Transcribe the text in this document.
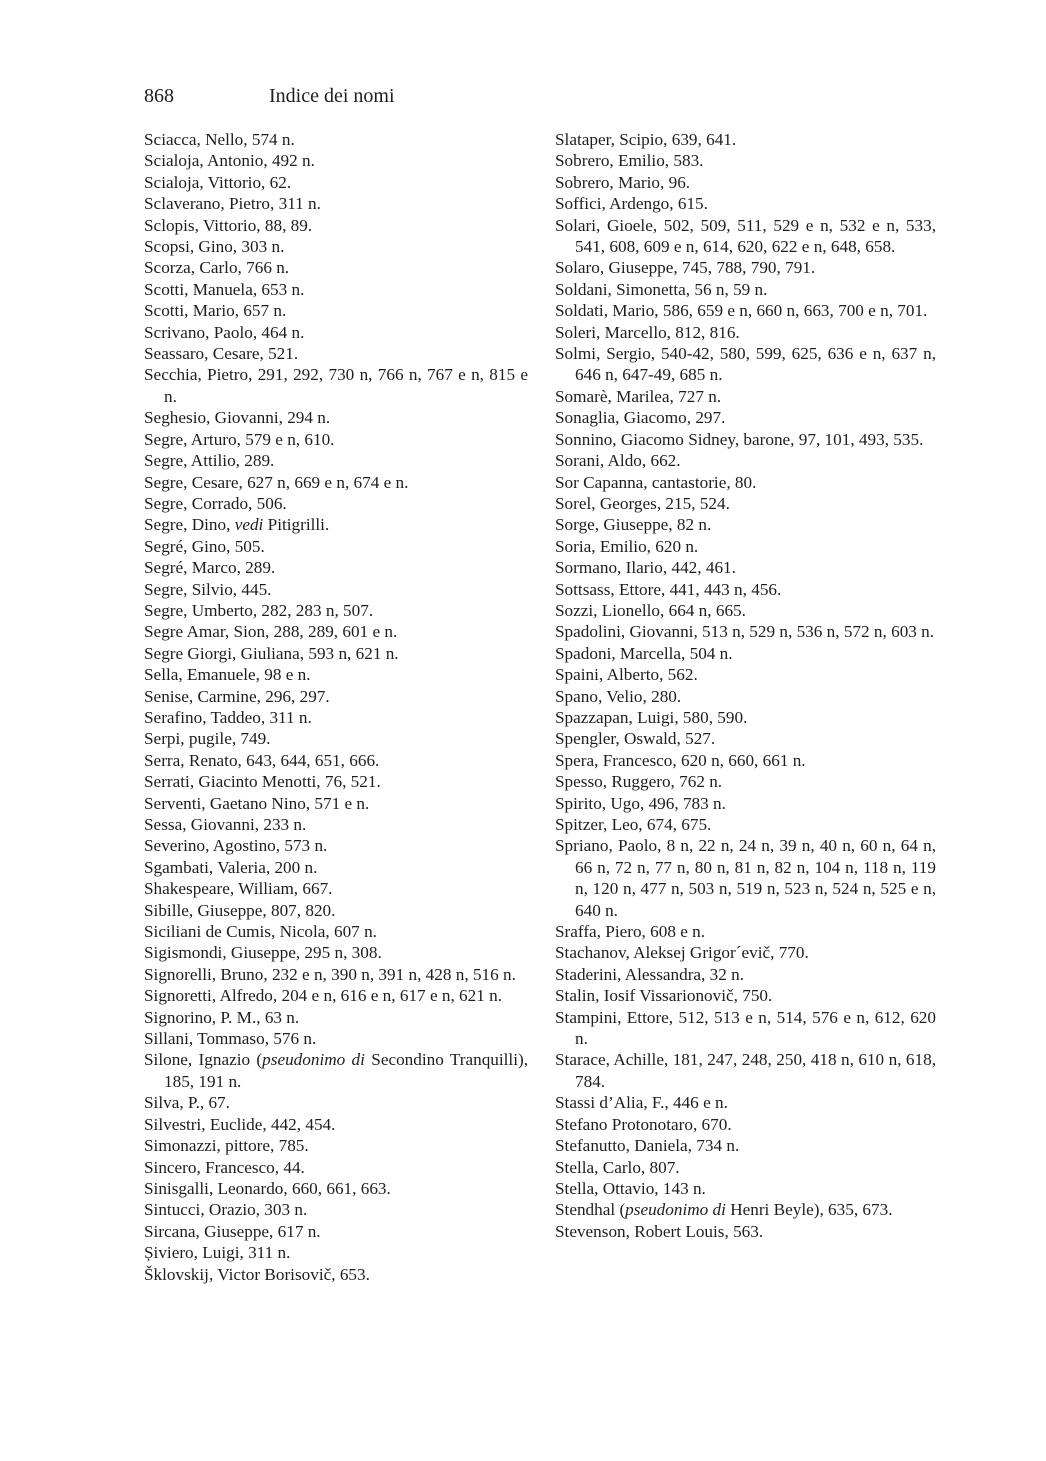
868	Indice dei nomi
Sciacca, Nello, 574 n.
Scialoja, Antonio, 492 n.
Scialoja, Vittorio, 62.
Sclaverano, Pietro, 311 n.
Sclopis, Vittorio, 88, 89.
Scopsi, Gino, 303 n.
Scorza, Carlo, 766 n.
Scotti, Manuela, 653 n.
Scotti, Mario, 657 n.
Scrivano, Paolo, 464 n.
Seassaro, Cesare, 521.
Secchia, Pietro, 291, 292, 730 n, 766 n, 767 e n, 815 e n.
Seghesio, Giovanni, 294 n.
Segre, Arturo, 579 e n, 610.
Segre, Attilio, 289.
Segre, Cesare, 627 n, 669 e n, 674 e n.
Segre, Corrado, 506.
Segre, Dino, vedi Pitigrilli.
Segré, Gino, 505.
Segré, Marco, 289.
Segre, Silvio, 445.
Segre, Umberto, 282, 283 n, 507.
Segre Amar, Sion, 288, 289, 601 e n.
Segre Giorgi, Giuliana, 593 n, 621 n.
Sella, Emanuele, 98 e n.
Senise, Carmine, 296, 297.
Serafino, Taddeo, 311 n.
Serpi, pugile, 749.
Serra, Renato, 643, 644, 651, 666.
Serrati, Giacinto Menotti, 76, 521.
Serventi, Gaetano Nino, 571 e n.
Sessa, Giovanni, 233 n.
Severino, Agostino, 573 n.
Sgambati, Valeria, 200 n.
Shakespeare, William, 667.
Sibille, Giuseppe, 807, 820.
Siciliani de Cumis, Nicola, 607 n.
Sigismondi, Giuseppe, 295 n, 308.
Signorelli, Bruno, 232 e n, 390 n, 391 n, 428 n, 516 n.
Signoretti, Alfredo, 204 e n, 616 e n, 617 e n, 621 n.
Signorino, P. M., 63 n.
Sillani, Tommaso, 576 n.
Silone, Ignazio (pseudonimo di Secondino Tranquilli), 185, 191 n.
Silva, P., 67.
Silvestri, Euclide, 442, 454.
Simonazzi, pittore, 785.
Sincero, Francesco, 44.
Sinisgalli, Leonardo, 660, 661, 663.
Sintucci, Orazio, 303 n.
Sircana, Giuseppe, 617 n.
Șiviero, Luigi, 311 n.
Šklovskij, Victor Borisovič, 653.
Slataper, Scipio, 639, 641.
Sobrero, Emilio, 583.
Sobrero, Mario, 96.
Soffici, Ardengo, 615.
Solari, Gioele, 502, 509, 511, 529 e n, 532 e n, 533, 541, 608, 609 e n, 614, 620, 622 e n, 648, 658.
Solaro, Giuseppe, 745, 788, 790, 791.
Soldani, Simonetta, 56 n, 59 n.
Soldati, Mario, 586, 659 e n, 660 n, 663, 700 e n, 701.
Soleri, Marcello, 812, 816.
Solmi, Sergio, 540-42, 580, 599, 625, 636 e n, 637 n, 646 n, 647-49, 685 n.
Somarè, Marilea, 727 n.
Sonaglia, Giacomo, 297.
Sonnino, Giacomo Sidney, barone, 97, 101, 493, 535.
Sorani, Aldo, 662.
Sor Capanna, cantastorie, 80.
Sorel, Georges, 215, 524.
Sorge, Giuseppe, 82 n.
Soria, Emilio, 620 n.
Sormano, Ilario, 442, 461.
Sottsass, Ettore, 441, 443 n, 456.
Sozzi, Lionello, 664 n, 665.
Spadolini, Giovanni, 513 n, 529 n, 536 n, 572 n, 603 n.
Spadoni, Marcella, 504 n.
Spaini, Alberto, 562.
Spano, Velio, 280.
Spazzapan, Luigi, 580, 590.
Spengler, Oswald, 527.
Spera, Francesco, 620 n, 660, 661 n.
Spesso, Ruggero, 762 n.
Spirito, Ugo, 496, 783 n.
Spitzer, Leo, 674, 675.
Spriano, Paolo, 8 n, 22 n, 24 n, 39 n, 40 n, 60 n, 64 n, 66 n, 72 n, 77 n, 80 n, 81 n, 82 n, 104 n, 118 n, 119 n, 120 n, 477 n, 503 n, 519 n, 523 n, 524 n, 525 e n, 640 n.
Sraffa, Piero, 608 e n.
Stachanov, Aleksej Grigor´evič, 770.
Staderini, Alessandra, 32 n.
Stalin, Iosif Vissarionovič, 750.
Stampini, Ettore, 512, 513 e n, 514, 576 e n, 612, 620 n.
Starace, Achille, 181, 247, 248, 250, 418 n, 610 n, 618, 784.
Stassi d’Alia, F., 446 e n.
Stefano Protonotaro, 670.
Stefanutto, Daniela, 734 n.
Stella, Carlo, 807.
Stella, Ottavio, 143 n.
Stendhal (pseudonimo di Henri Beyle), 635, 673.
Stevenson, Robert Louis, 563.
